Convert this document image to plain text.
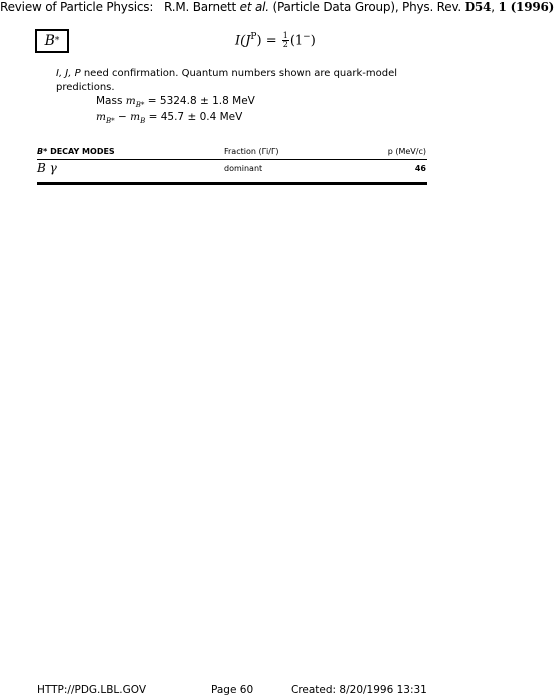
Review of Particle Physics: R.M. Barnett et al. (Particle Data Group), Phys. Rev. D54, 1 (1996)
B *	$I(J^P) = \frac{1}{2} (1^-)$
I, J, P need confirmation. Quantum numbers shown are quark-model predictions.
Mass $m_{B*} = 5324.8 \pm 1.8$ MeV
$m_{B*} - m_B = 45.7 \pm 0.4$ MeV
B* DECAY MODES	Fraction (Γi/Γ)	p (MeV/c)
B γ	dominant	46
HTTP://PDG.LBL.GOV	Page 60	Created: 8/20/1996 13:31
